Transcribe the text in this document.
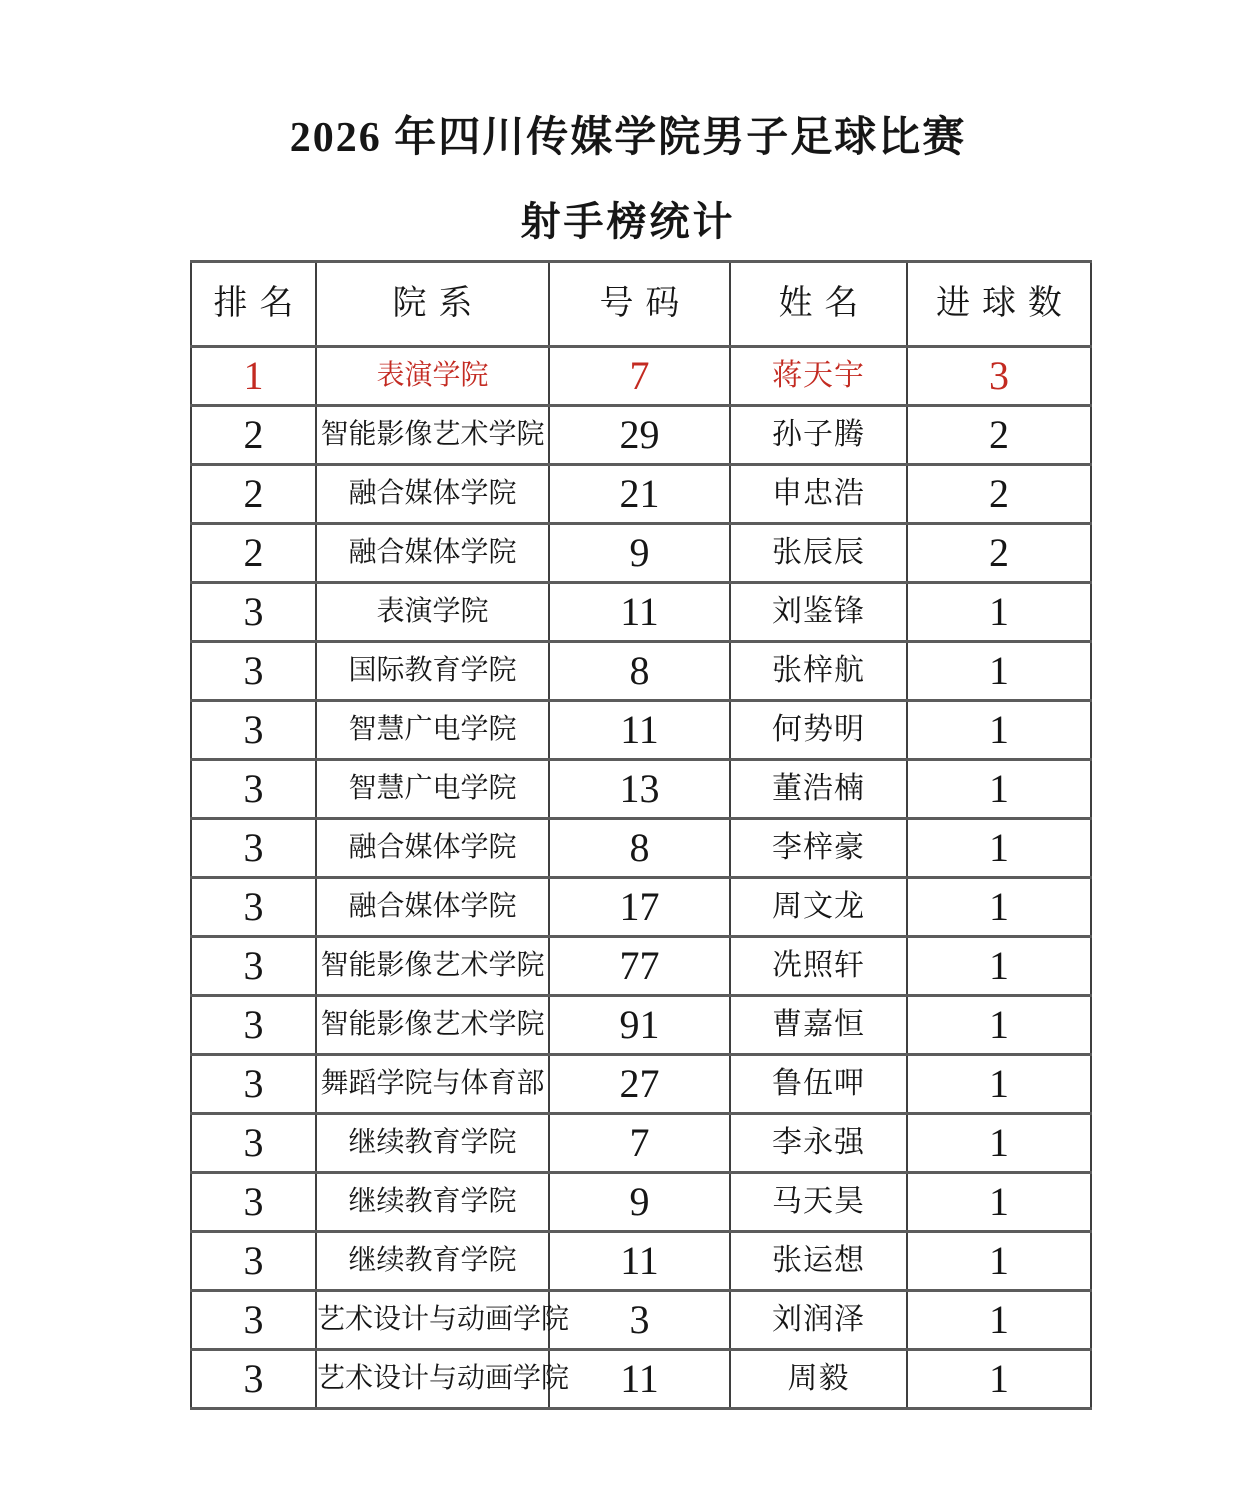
2026 年四川传媒学院男子足球比赛
射手榜统计
排名	院系	号码	姓名	进球数
1	表演学院	7	蒋天宇	3
2	智能影像艺术学院	29	孙子腾	2
2	融合媒体学院	21	申忠浩	2
2	融合媒体学院	9	张辰辰	2
3	表演学院	11	刘鉴锋	1
3	国际教育学院	8	张梓航	1
3	智慧广电学院	11	何势明	1
3	智慧广电学院	13	董浩楠	1
3	融合媒体学院	8	李梓豪	1
3	融合媒体学院	17	周文龙	1
3	智能影像艺术学院	77	冼照轩	1
3	智能影像艺术学院	91	曹嘉恒	1
3	舞蹈学院与体育部	27	鲁伍呷	1
3	继续教育学院	7	李永强	1
3	继续教育学院	9	马天昊	1
3	继续教育学院	11	张运想	1
3	艺术设计与动画学院	3	刘润泽	1
3	艺术设计与动画学院	11	周毅	1
